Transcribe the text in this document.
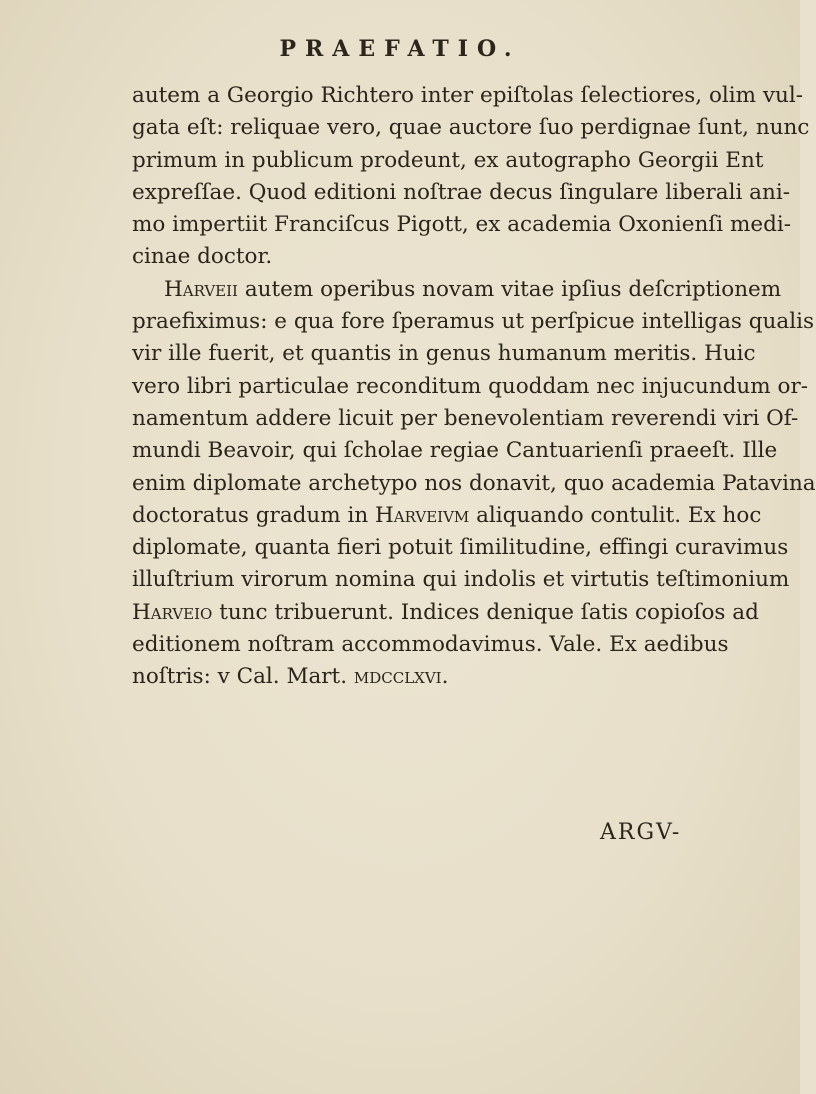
PRAEFATIO.
autem a Georgio Richtero inter epiſtolas ſelectiores, olim vul-
gata eſt: reliquae vero, quae auctore ſuo perdignae ſunt, nunc
primum in publicum prodeunt, ex autographo Georgii Ent
expreſſae. Quod editioni noſtrae decus ſingulare liberali ani-
mo impertiit Franciſcus Pigott, ex academia Oxonienſi medi-
cinae doctor.
Harveii autem operibus novam vitae ipſius deſcriptionem
praefiximus: e qua fore ſperamus ut perſpicue intelligas qualis
vir ille fuerit, et quantis in genus humanum meritis. Huic
vero libri particulae reconditum quoddam nec injucundum or-
namentum addere licuit per benevolentiam reverendi viri Of-
mundi Beavoir, qui ſcholae regiae Cantuarienſi praeeſt. Ille
enim diplomate archetypo nos donavit, quo academia Patavina
doctoratus gradum in Harveivm aliquando contulit. Ex hoc
diplomate, quanta fieri potuit ſimilitudine, effingi curavimus
illuſtrium virorum nomina qui indolis et virtutis teſtimonium
Harveio tunc tribuerunt. Indices denique ſatis copioſos ad
editionem noſtram accommodavimus. Vale. Ex aedibus
noſtris: v Cal. Mart. mdcclxvi.
ARGV-
